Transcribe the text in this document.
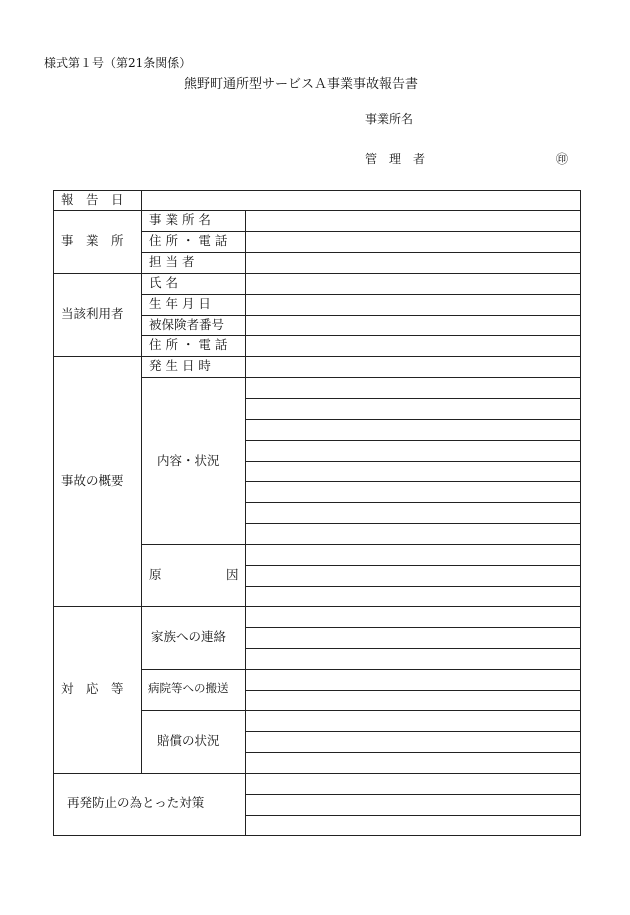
様式第１号（第21条関係）
熊野町通所型サービスＡ事業事故報告書
事業所名
管　理　者	㊞
報　告　日
事　業　所
事 業 所 名
住 所 ・ 電 話
担 当 者
当該利用者
氏 名
生 年 月 日
被保険者番号
住 所 ・ 電 話
事故の概要
発 生 日 時
内容・状況
原	因
対　応　等
家族への連絡
病院等への搬送
賠償の状況
再発防止の為とった対策
